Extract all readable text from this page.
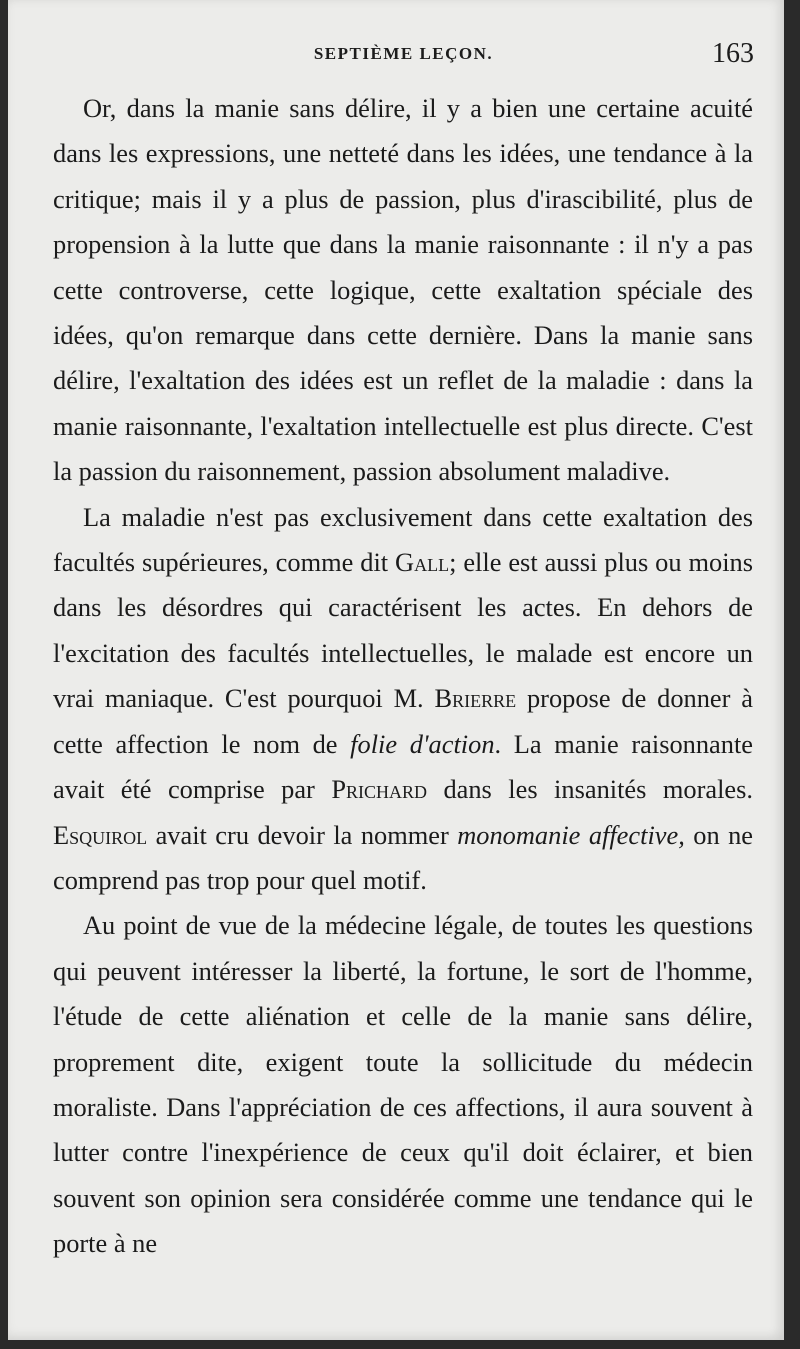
SEPTIÈME LEÇON.	163

Or, dans la manie sans délire, il y a bien une certaine acuité dans les expressions, une netteté dans les idées, une tendance à la critique; mais il y a plus de passion, plus d'irascibilité, plus de propension à la lutte que dans la manie raisonnante : il n'y a pas cette controverse, cette logique, cette exaltation spéciale des idées, qu'on remarque dans cette dernière. Dans la manie sans délire, l'exaltation des idées est un reflet de la maladie : dans la manie raisonnante, l'exaltation intellectuelle est plus directe. C'est la passion du raisonnement, passion absolument maladive.

La maladie n'est pas exclusivement dans cette exaltation des facultés supérieures, comme dit Gall; elle est aussi plus ou moins dans les désordres qui caractérisent les actes. En dehors de l'excitation des facultés intellectuelles, le malade est encore un vrai maniaque. C'est pourquoi M. Brierre propose de donner à cette affection le nom de folie d'action. La manie raisonnante avait été comprise par Prichard dans les insanités morales. Esquirol avait cru devoir la nommer monomanie affective, on ne comprend pas trop pour quel motif.

Au point de vue de la médecine légale, de toutes les questions qui peuvent intéresser la liberté, la fortune, le sort de l'homme, l'étude de cette aliénation et celle de la manie sans délire, proprement dite, exigent toute la sollicitude du médecin moraliste. Dans l'appréciation de ces affections, il aura souvent à lutter contre l'inexpérience de ceux qu'il doit éclairer, et bien souvent son opinion sera considérée comme une tendance qui le porte à ne
